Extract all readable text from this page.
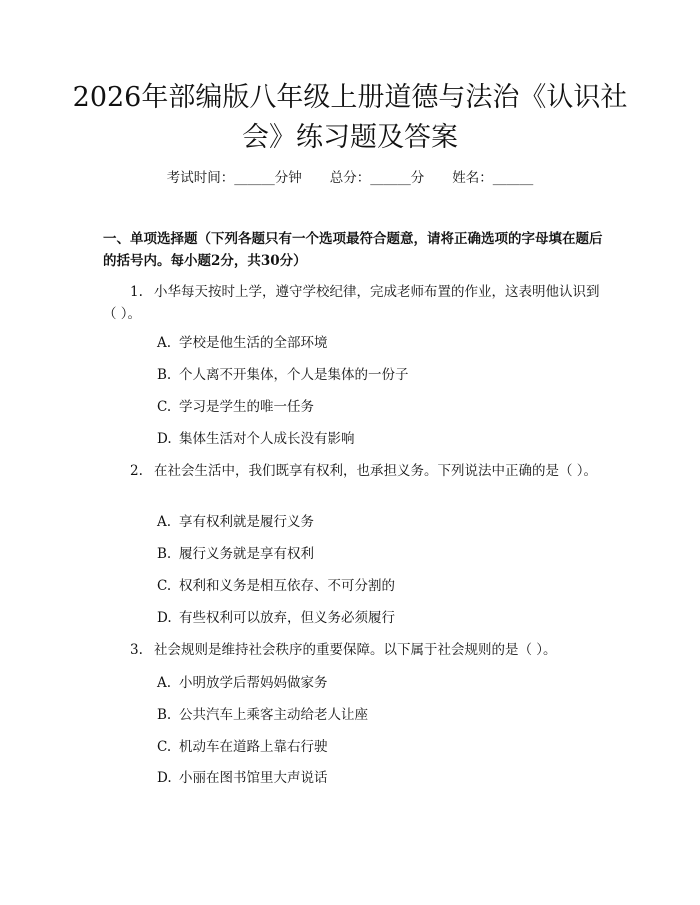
2026年部编版八年级上册道德与法治《认识社会》练习题及答案
考试时间：______分钟 总分：______分 姓名：______
一、单项选择题（下列各题只有一个选项最符合题意，请将正确选项的字母填在题后的括号内。每小题2分，共30分）
1. 小华每天按时上学，遵守学校纪律，完成老师布置的作业，这表明他认识到（ ）。
A. 学校是他生活的全部环境
B. 个人离不开集体，个人是集体的一份子
C. 学习是学生的唯一任务
D. 集体生活对个人成长没有影响
2. 在社会生活中，我们既享有权利，也承担义务。下列说法中正确的是（ ）。
A. 享有权利就是履行义务
B. 履行义务就是享有权利
C. 权利和义务是相互依存、不可分割的
D. 有些权利可以放弃，但义务必须履行
3. 社会规则是维持社会秩序的重要保障。以下属于社会规则的是（ ）。
A. 小明放学后帮妈妈做家务
B. 公共汽车上乘客主动给老人让座
C. 机动车在道路上靠右行驶
D. 小丽在图书馆里大声说话
